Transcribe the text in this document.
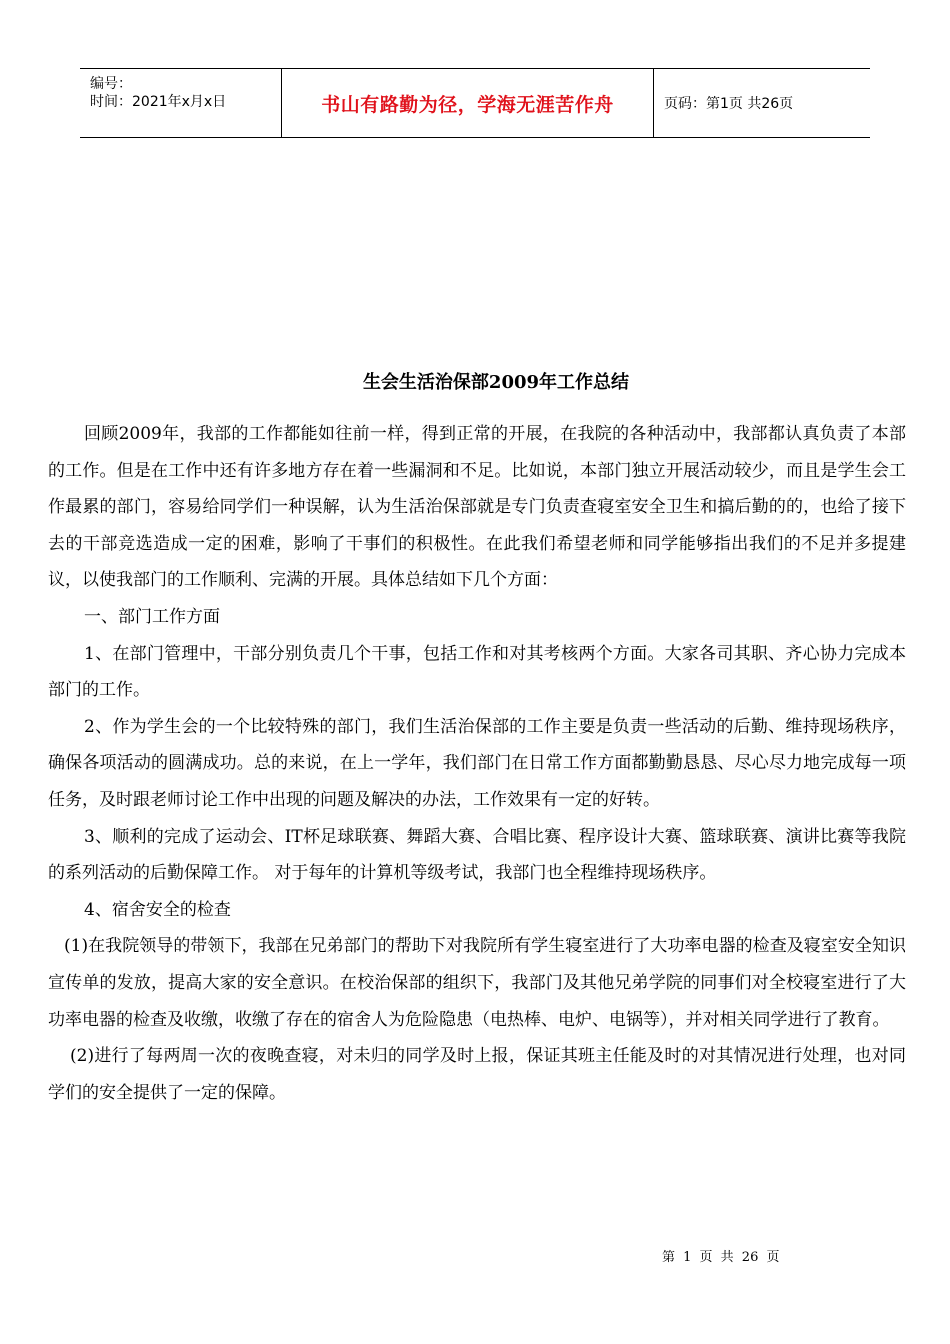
编号：
时间：2021年x月x日	书山有路勤为径，学海无涯苦作舟	页码：第1页 共26页
生会生活治保部2009年工作总结

回顾2009年，我部的工作都能如往前一样，得到正常的开展，在我院的各种活动中，我部都认真负责了本部的工作。但是在工作中还有许多地方存在着一些漏洞和不足。比如说，本部门独立开展活动较少，而且是学生会工作最累的部门，容易给同学们一种误解，认为生活治保部就是专门负责查寝室安全卫生和搞后勤的的，也给了接下去的干部竞选造成一定的困难，影响了干事们的积极性。在此我们希望老师和同学能够指出我们的不足并多提建议，以使我部门的工作顺利、完满的开展。具体总结如下几个方面：

一、部门工作方面

1、在部门管理中，干部分别负责几个干事，包括工作和对其考核两个方面。大家各司其职、齐心协力完成本部门的工作。

2、作为学生会的一个比较特殊的部门，我们生活治保部的工作主要是负责一些活动的后勤、维持现场秩序，确保各项活动的圆满成功。总的来说，在上一学年，我们部门在日常工作方面都勤勤恳恳、尽心尽力地完成每一项任务，及时跟老师讨论工作中出现的问题及解决的办法，工作效果有一定的好转。

3、顺利的完成了运动会、IT杯足球联赛、舞蹈大赛、合唱比赛、程序设计大赛、篮球联赛、演讲比赛等我院的系列活动的后勤保障工作。 对于每年的计算机等级考试，我部门也全程维持现场秩序。

4、宿舍安全的检查

(1)在我院领导的带领下，我部在兄弟部门的帮助下对我院所有学生寝室进行了大功率电器的检查及寝室安全知识宣传单的发放，提高大家的安全意识。在校治保部的组织下，我部门及其他兄弟学院的同事们对全校寝室进行了大功率电器的检查及收缴，收缴了存在的宿舍人为危险隐患（电热棒、电炉、电锅等），并对相关同学进行了教育。

(2)进行了每两周一次的夜晚查寝，对未归的同学及时上报，保证其班主任能及时的对其情况进行处理，也对同学们的安全提供了一定的保障。

第 1 页 共 26 页
